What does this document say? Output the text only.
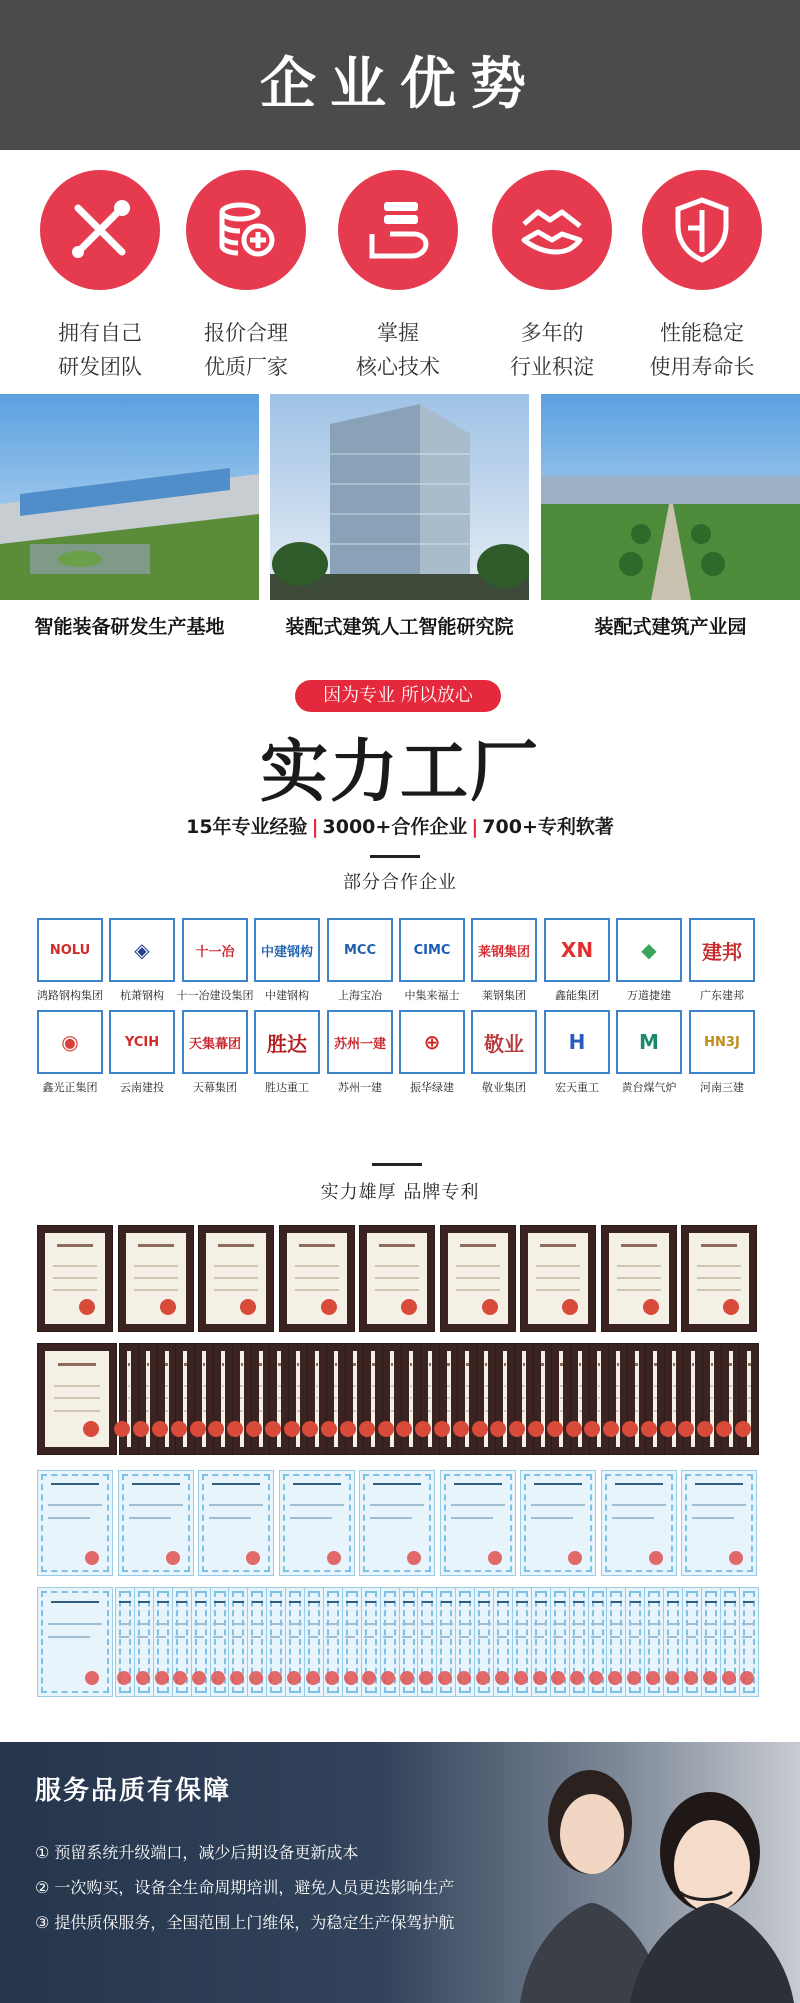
企业优势
拥有自己
研发团队
报价合理
优质厂家
掌握
核心技术
多年的
行业积淀
性能稳定
使用寿命长
智能装备研发生产基地	装配式建筑人工智能研究院	装配式建筑产业园
因为专业 所以放心
实力工厂
15年专业经验 | 3000+合作企业 | 700+专利软著
部分合作企业
NOLU
鸿路钢构集团
◈
杭萧钢构
十一冶
十一冶建设集团
中建钢构
中建钢构
MCC
上海宝冶
CIMC
中集来福士
莱钢集团
莱钢集团
XN
鑫能集团
◆
万道捷建
建邦
广东建邦
◉
鑫光正集团
YCIH
云南建投
天集幕团
天幕集团
胜达
胜达重工
苏州一建
苏州一建
⊕
振华绿建
敬业
敬业集团
H
宏天重工
M
黄台煤气炉
HN3J
河南三建
实力雄厚 品牌专利
服务品质有保障
① 预留系统升级端口，减少后期设备更新成本
② 一次购买，设备全生命周期培训，避免人员更迭影响生产
③ 提供质保服务，全国范围上门维保，为稳定生产保驾护航
